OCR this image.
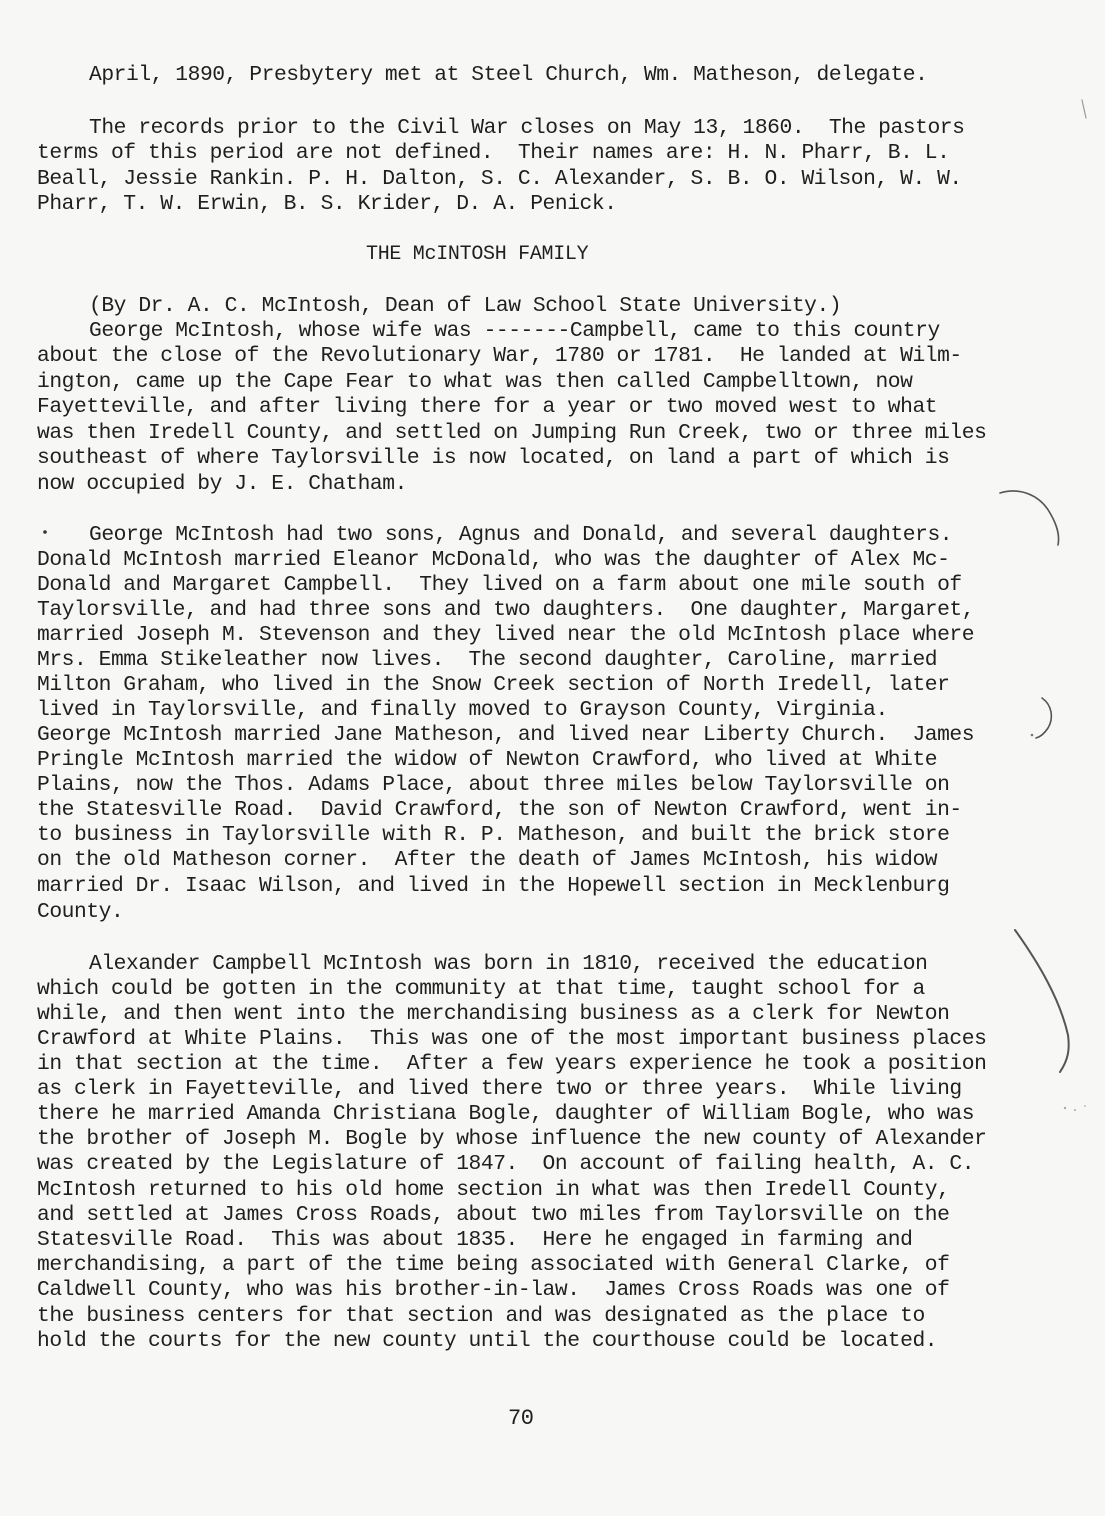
April, 1890, Presbytery met at Steel Church, Wm. Matheson, delegate.
The records prior to the Civil War closes on May 13, 1860.  The pastors
terms of this period are not defined.  Their names are: H. N. Pharr, B. L.
Beall, Jessie Rankin. P. H. Dalton, S. C. Alexander, S. B. O. Wilson, W. W.
Pharr, T. W. Erwin, B. S. Krider, D. A. Penick.
THE McINTOSH FAMILY
(By Dr. A. C. McIntosh, Dean of Law School State University.)
George McIntosh, whose wife was -------Campbell, came to this country
about the close of the Revolutionary War, 1780 or 1781.  He landed at Wilm-
ington, came up the Cape Fear to what was then called Campbelltown, now
Fayetteville, and after living there for a year or two moved west to what
was then Iredell County, and settled on Jumping Run Creek, two or three miles
southeast of where Taylorsville is now located, on land a part of which is
now occupied by J. E. Chatham.
George McIntosh had two sons, Agnus and Donald, and several daughters.
Donald McIntosh married Eleanor McDonald, who was the daughter of Alex Mc-
Donald and Margaret Campbell.  They lived on a farm about one mile south of
Taylorsville, and had three sons and two daughters.  One daughter, Margaret,
married Joseph M. Stevenson and they lived near the old McIntosh place where
Mrs. Emma Stikeleather now lives.  The second daughter, Caroline, married
Milton Graham, who lived in the Snow Creek section of North Iredell, later
lived in Taylorsville, and finally moved to Grayson County, Virginia.
George McIntosh married Jane Matheson, and lived near Liberty Church.  James
Pringle McIntosh married the widow of Newton Crawford, who lived at White
Plains, now the Thos. Adams Place, about three miles below Taylorsville on
the Statesville Road.  David Crawford, the son of Newton Crawford, went in-
to business in Taylorsville with R. P. Matheson, and built the brick store
on the old Matheson corner.  After the death of James McIntosh, his widow
married Dr. Isaac Wilson, and lived in the Hopewell section in Mecklenburg
County.
Alexander Campbell McIntosh was born in 1810, received the education
which could be gotten in the community at that time, taught school for a
while, and then went into the merchandising business as a clerk for Newton
Crawford at White Plains.  This was one of the most important business places
in that section at the time.  After a few years experience he took a position
as clerk in Fayetteville, and lived there two or three years.  While living
there he married Amanda Christiana Bogle, daughter of William Bogle, who was
the brother of Joseph M. Bogle by whose influence the new county of Alexander
was created by the Legislature of 1847.  On account of failing health, A. C.
McIntosh returned to his old home section in what was then Iredell County,
and settled at James Cross Roads, about two miles from Taylorsville on the
Statesville Road.  This was about 1835.  Here he engaged in farming and
merchandising, a part of the time being associated with General Clarke, of
Caldwell County, who was his brother-in-law.  James Cross Roads was one of
the business centers for that section and was designated as the place to
hold the courts for the new county until the courthouse could be located.
70
